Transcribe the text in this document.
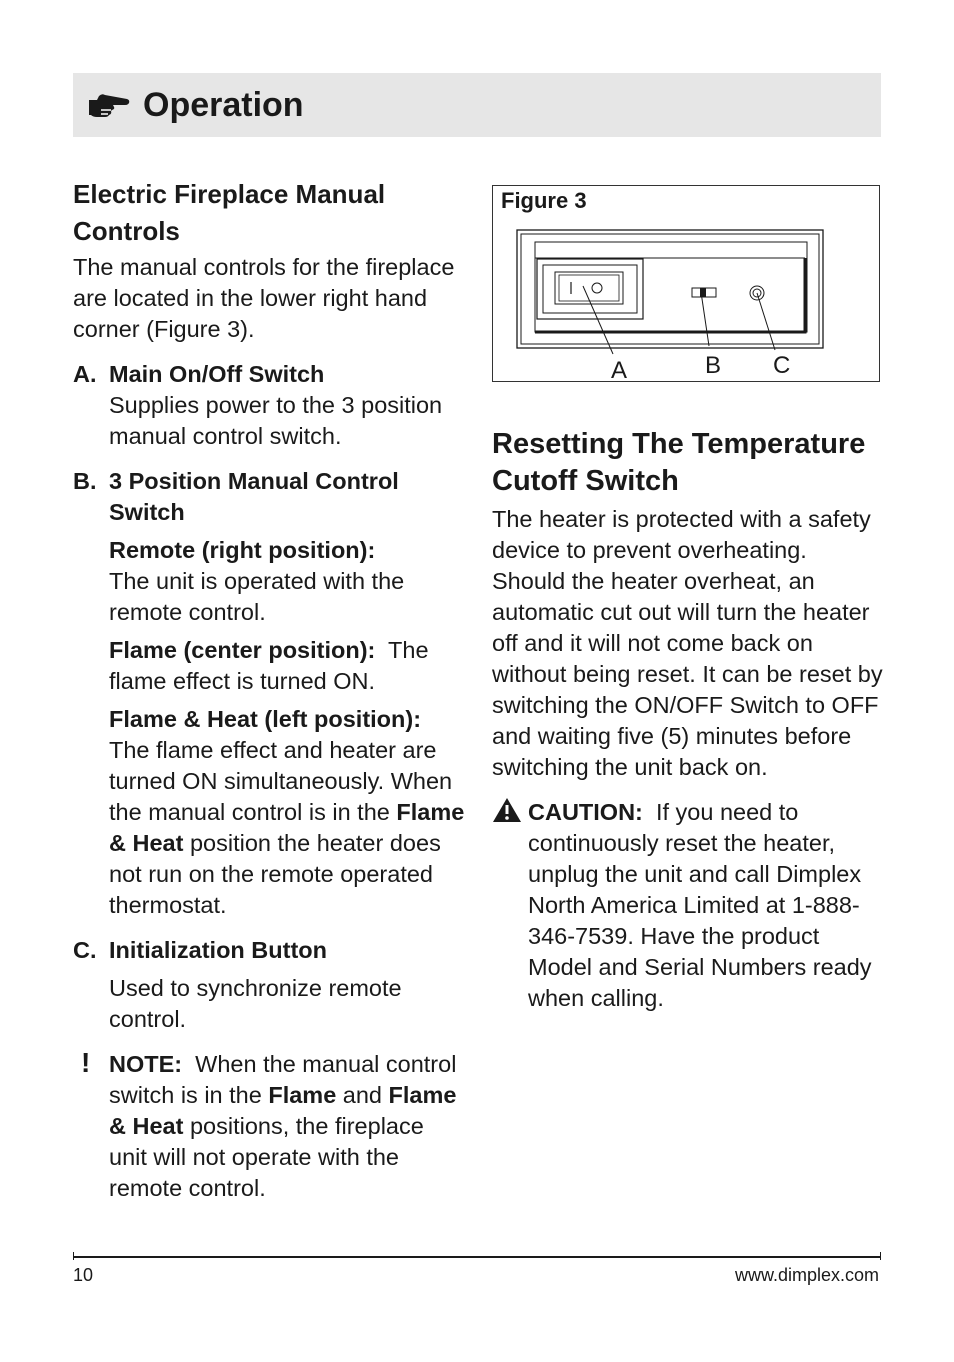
Operation

Electric Fireplace Manual Controls

The manual controls for the fireplace are located in the lower right hand corner (Figure 3).

A. Main On/Off Switch

Supplies power to the 3 position manual control switch.

B. 3 Position Manual Control Switch

Remote (right position):

The unit is operated with the remote control.

Flame (center position): The flame effect is turned ON.

Flame & Heat (left position):

The flame effect and heater are turned ON simultaneously. When the manual control is in the Flame & Heat position the heater does not run on the remote operated thermostat.

C. Initialization Button

Used to synchronize remote control.

! NOTE: When the manual control switch is in the Flame and Flame & Heat positions, the fireplace unit will not operate with the remote control.

Figure 3
A	B C

Resetting The Temperature Cutoff Switch

The heater is protected with a safety device to prevent overheating. Should the heater overheat, an automatic cut out will turn the heater off and it will not come back on without being reset. It can be reset by switching the ON/OFF Switch to OFF and waiting five (5) minutes before switching the unit back on.

CAUTION: If you need to continuously reset the heater, unplug the unit and call Dimplex North America Limited at 1-888-346-7539. Have the product Model and Serial Numbers ready when calling.

10	www.dimplex.com
